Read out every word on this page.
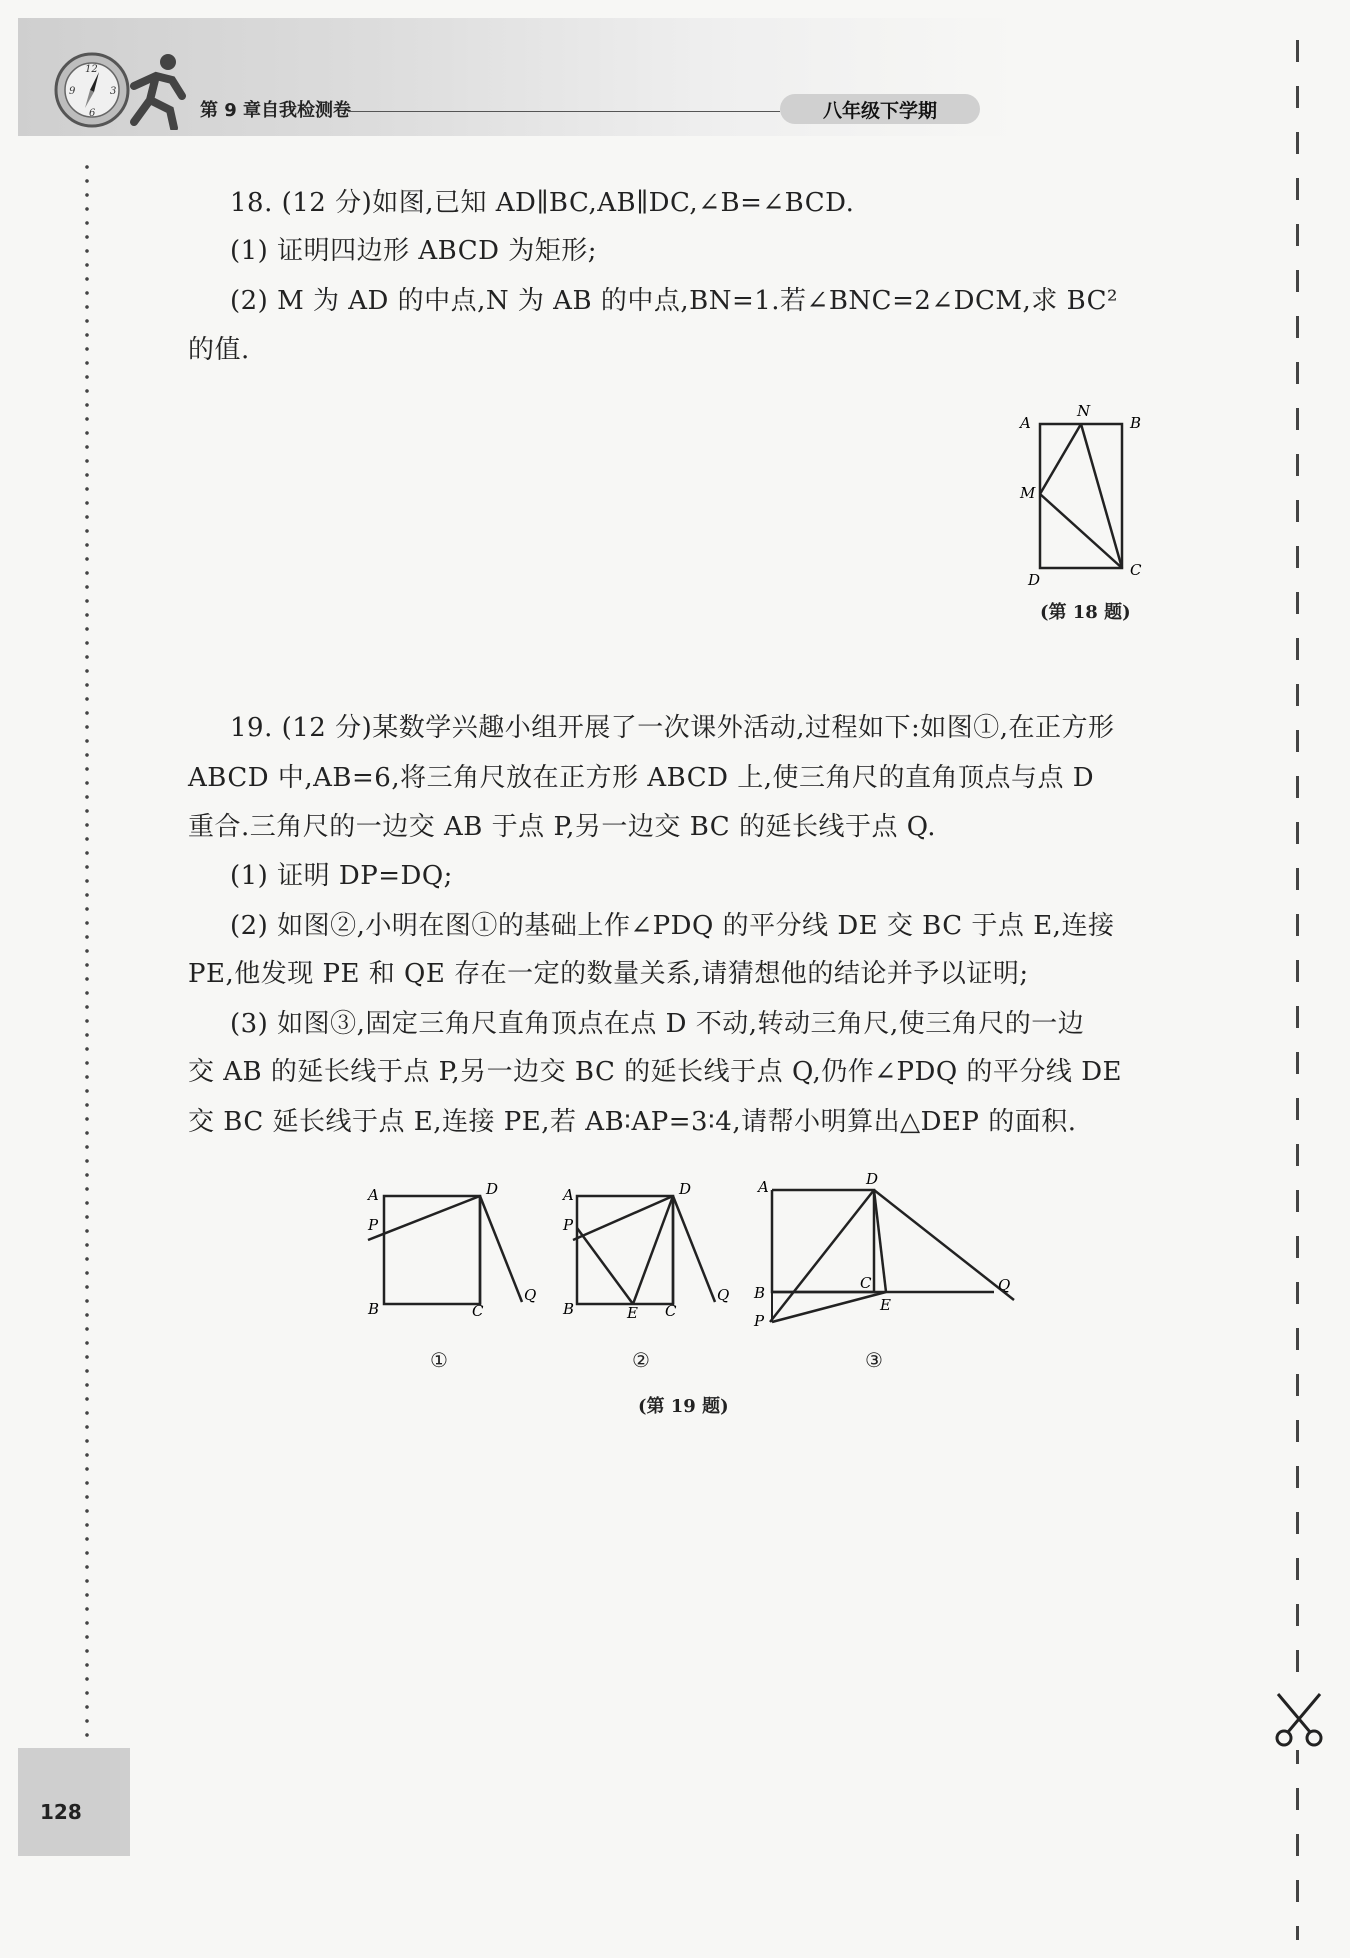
12
3
6
9
第 9 章自我检测卷	八年级下学期
128
18. (12 分)如图,已知 AD∥BC,AB∥DC,∠B=∠BCD.
(1) 证明四边形 ABCD 为矩形;
(2) M 为 AD 的中点,N 为 AB 的中点,BN=1.若∠BNC=2∠DCM,求 BC²
的值.
A
N
B
M
D
C
(第 18 题)
19. (12 分)某数学兴趣小组开展了一次课外活动,过程如下:如图①,在正方形
ABCD 中,AB=6,将三角尺放在正方形 ABCD 上,使三角尺的直角顶点与点 D
重合.三角尺的一边交 AB 于点 P,另一边交 BC 的延长线于点 Q.
(1) 证明 DP=DQ;
(2) 如图②,小明在图①的基础上作∠PDQ 的平分线 DE 交 BC 于点 E,连接
PE,他发现 PE 和 QE 存在一定的数量关系,请猜想他的结论并予以证明;
(3) 如图③,固定三角尺直角顶点在点 D 不动,转动三角尺,使三角尺的一边
交 AB 的延长线于点 P,另一边交 BC 的延长线于点 Q,仍作∠PDQ 的平分线 DE
交 BC 延长线于点 E,连接 PE,若 AB∶AP=3∶4,请帮小明算出△DEP 的面积.
A	D
P
B	C
Q
A	D
P
B	E C
Q
A	D
B
C	Q
P
E
①	②	③
(第 19 题)
